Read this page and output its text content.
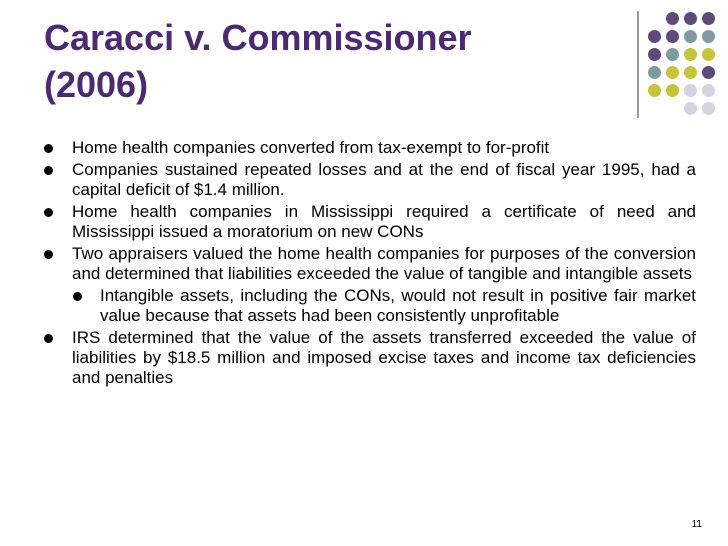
Caracci v. Commissioner
(2006)
Home health companies converted from tax-exempt to for-profit
Companies sustained repeated losses and at the end of fiscal year 1995, had a capital deficit of $1.4 million.
Home health companies in Mississippi required a certificate of need and Mississippi issued a moratorium on new CONs
Two appraisers valued the home health companies for purposes of the conversion and determined that liabilities exceeded the value of tangible and intangible assets
Intangible assets, including the CONs, would not result in positive fair market value because that assets had been consistently unprofitable
IRS determined that the value of the assets transferred exceeded the value of liabilities by $18.5 million and imposed excise taxes and income tax deficiencies and penalties
11
